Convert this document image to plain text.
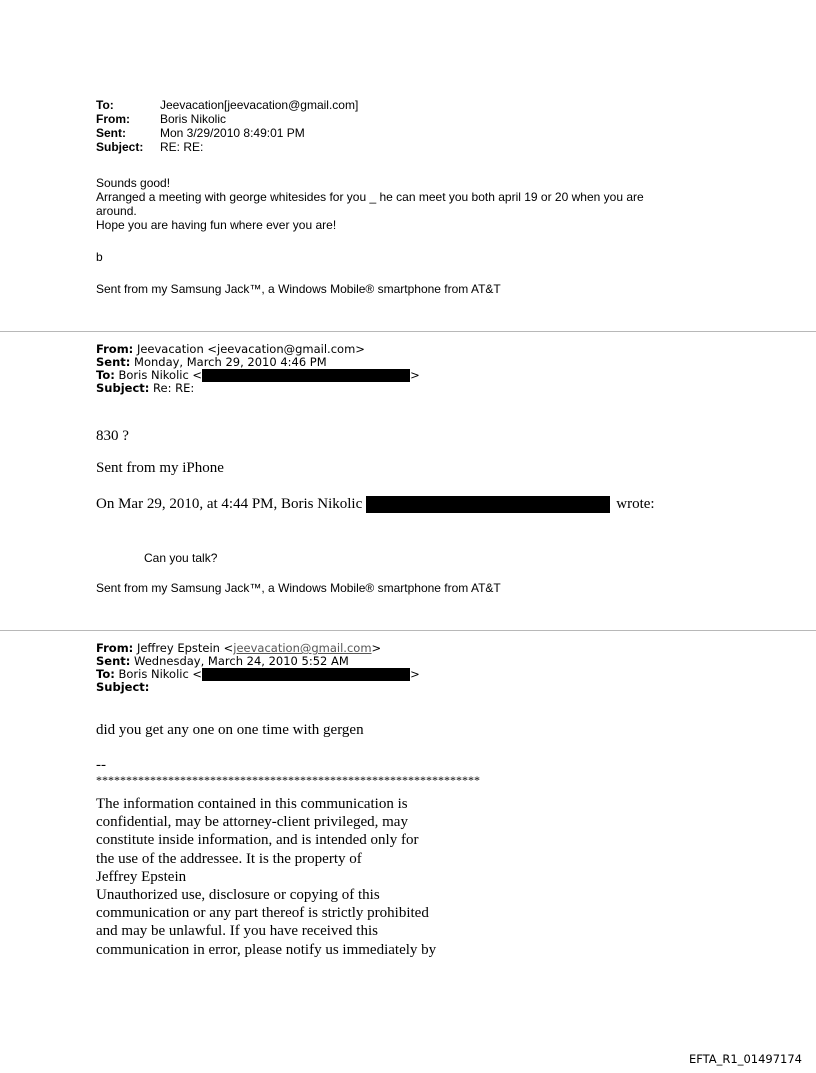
To:	Jeevacation[jeevacation@gmail.com]
From:	Boris Nikolic
Sent:	Mon 3/29/2010 8:49:01 PM
Subject: RE: RE:
Sounds good!
Arranged a meeting with george whitesides for you _ he can meet you both april 19 or 20 when you are
around.
Hope you are having fun where ever you are!
b
Sent from my Samsung Jack™, a Windows Mobile® smartphone from AT&T
From: Jeevacation <jeevacation@gmail.com>
Sent: Monday, March 29, 2010 4:46 PM
To: Boris Nikolic <	>
Subject: Re: RE:
830 ?
Sent from my iPhone
On Mar 29, 2010, at 4:44 PM, Boris Nikolic	wrote:
Can you talk?
Sent from my Samsung Jack™, a Windows Mobile® smartphone from AT&T
From: Jeffrey Epstein <jeevacation@gmail.com>
Sent: Wednesday, March 24, 2010 5:52 AM
To: Boris Nikolic <	>
Subject:
did you get any one on one time with gergen
--
****************************************************************
The information contained in this communication is
confidential, may be attorney-client privileged, may
constitute inside information, and is intended only for
the use of the addressee. It is the property of
Jeffrey Epstein
Unauthorized use, disclosure or copying of this
communication or any part thereof is strictly prohibited
and may be unlawful. If you have received this
communication in error, please notify us immediately by
EFTA_R1_01497174
